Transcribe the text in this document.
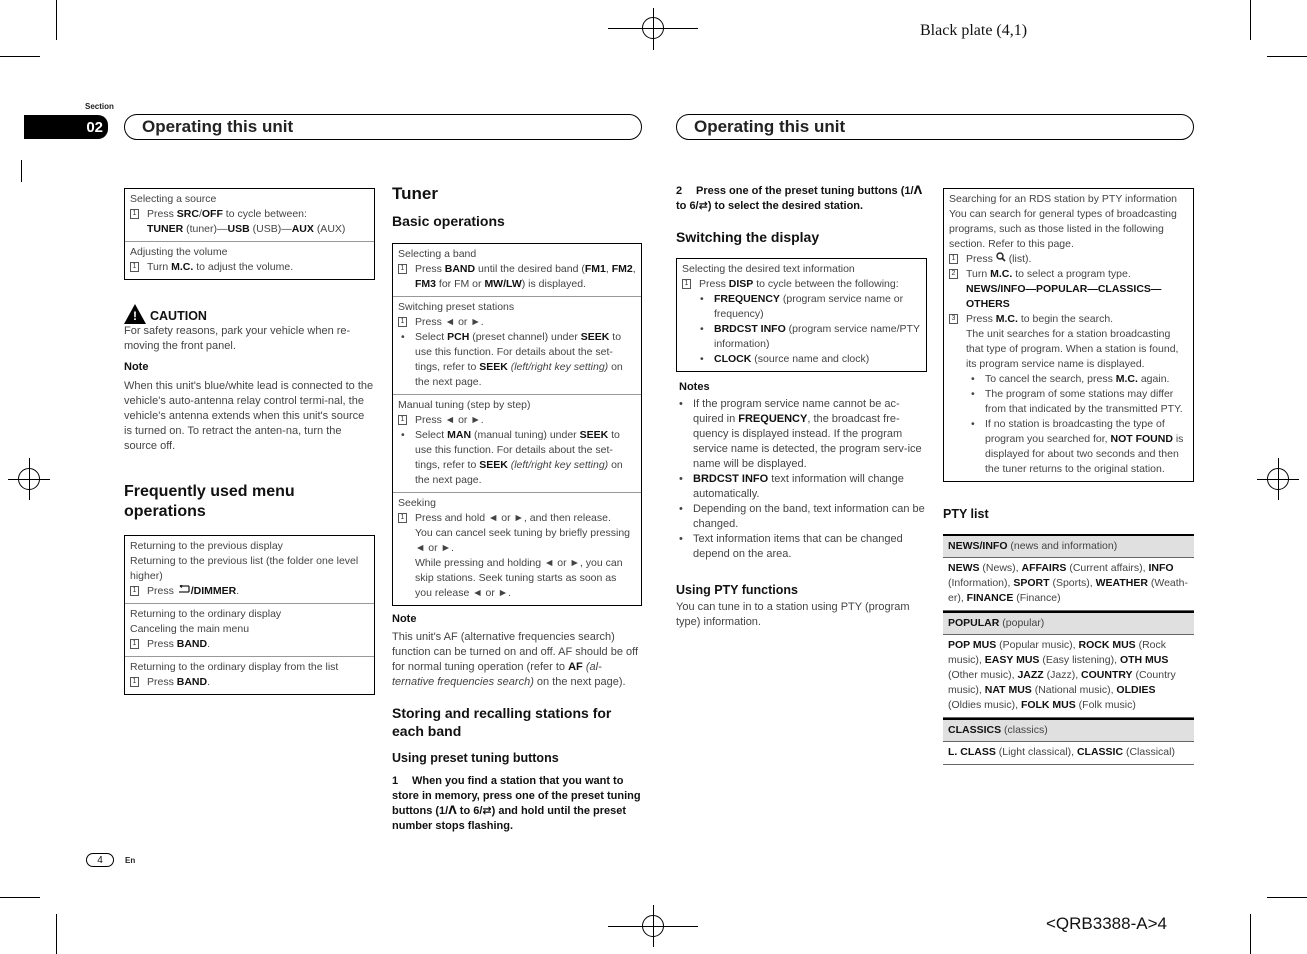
Black plate (4,1)
<QRB3388-A>4
Section
02 Operating this unit	Operating this unit
Selecting a source
1 Press SRC/OFF to cycle between:
TUNER (tuner)—USB (USB)—AUX (AUX)
Adjusting the volume
1 Turn M.C. to adjust the volume.
!
CAUTION
For safety reasons, park your vehicle when re-moving the front panel.
Note
When this unit's blue/white lead is connected to the vehicle's auto-antenna relay control termi-nal, the vehicle's antenna extends when this unit's source is turned on. To retract the anten-na, turn the source off.
Frequently used menu operations
Returning to the previous display
Returning to the previous list (the folder one level higher)
1 Press /DIMMER.
Returning to the ordinary display
Canceling the main menu
1 Press BAND.
Returning to the ordinary display from the list
1 Press BAND.
Tuner
Basic operations
Selecting a band
1 Press BAND until the desired band (FM1, FM2, FM3 for FM or MW/LW) is displayed.
Switching preset stations
1 Press ◄ or ►.
• Select PCH (preset channel) under SEEK to use this function. For details about the set-tings, refer to SEEK (left/right key setting) on the next page.
Manual tuning (step by step)
1 Press ◄ or ►.
• Select MAN (manual tuning) under SEEK to use this function. For details about the set-tings, refer to SEEK (left/right key setting) on the next page.
Seeking
1 Press and hold ◄ or ►, and then release.
You can cancel seek tuning by briefly pressing ◄ or ►.
While pressing and holding ◄ or ►, you can skip stations. Seek tuning starts as soon as you release ◄ or ►.
Note
This unit's AF (alternative frequencies search) function can be turned on and off. AF should be off for normal tuning operation (refer to AF (al-ternative frequencies search) on the next page).
Storing and recalling stations for each band
Using preset tuning buttons
1	When you find a station that you want to store in memory, press one of the preset tuning buttons (1/ᐱ to 6/⇄) and hold until the preset number stops flashing.
2	Press one of the preset tuning buttons (1/ᐱ to 6/⇄) to select the desired station.
Switching the display
Selecting the desired text information
1 Press DISP to cycle between the following:
• FREQUENCY (program service name or frequency)
• BRDCST INFO (program service name/PTY information)
• CLOCK (source name and clock)
Notes
• If the program service name cannot be ac-quired in FREQUENCY, the broadcast fre-quency is displayed instead. If the program service name is detected, the program serv-ice name will be displayed.
• BRDCST INFO text information will change automatically.
• Depending on the band, text information can be changed.
• Text information items that can be changed depend on the area.
Using PTY functions
You can tune in to a station using PTY (program type) information.
Searching for an RDS station by PTY information
You can search for general types of broadcasting programs, such as those listed in the following section. Refer to this page.
1 Press (list).
2 Turn M.C. to select a program type.
NEWS/INFO—POPULAR—CLASSICS—OTHERS
3 Press M.C. to begin the search.
The unit searches for a station broadcasting that type of program. When a station is found, its program service name is displayed.
• To cancel the search, press M.C. again.
• The program of some stations may differ from that indicated by the transmitted PTY.
• If no station is broadcasting the type of program you searched for, NOT FOUND is displayed for about two seconds and then the tuner returns to the original station.
PTY list
NEWS/INFO (news and information)
NEWS (News), AFFAIRS (Current affairs), INFO (Information), SPORT (Sports), WEATHER (Weath-er), FINANCE (Finance)
POPULAR (popular)
POP MUS (Popular music), ROCK MUS (Rock music), EASY MUS (Easy listening), OTH MUS (Other music), JAZZ (Jazz), COUNTRY (Country music), NAT MUS (National music), OLDIES (Oldies music), FOLK MUS (Folk music)
CLASSICS (classics)
L. CLASS (Light classical), CLASSIC (Classical)
4	En
